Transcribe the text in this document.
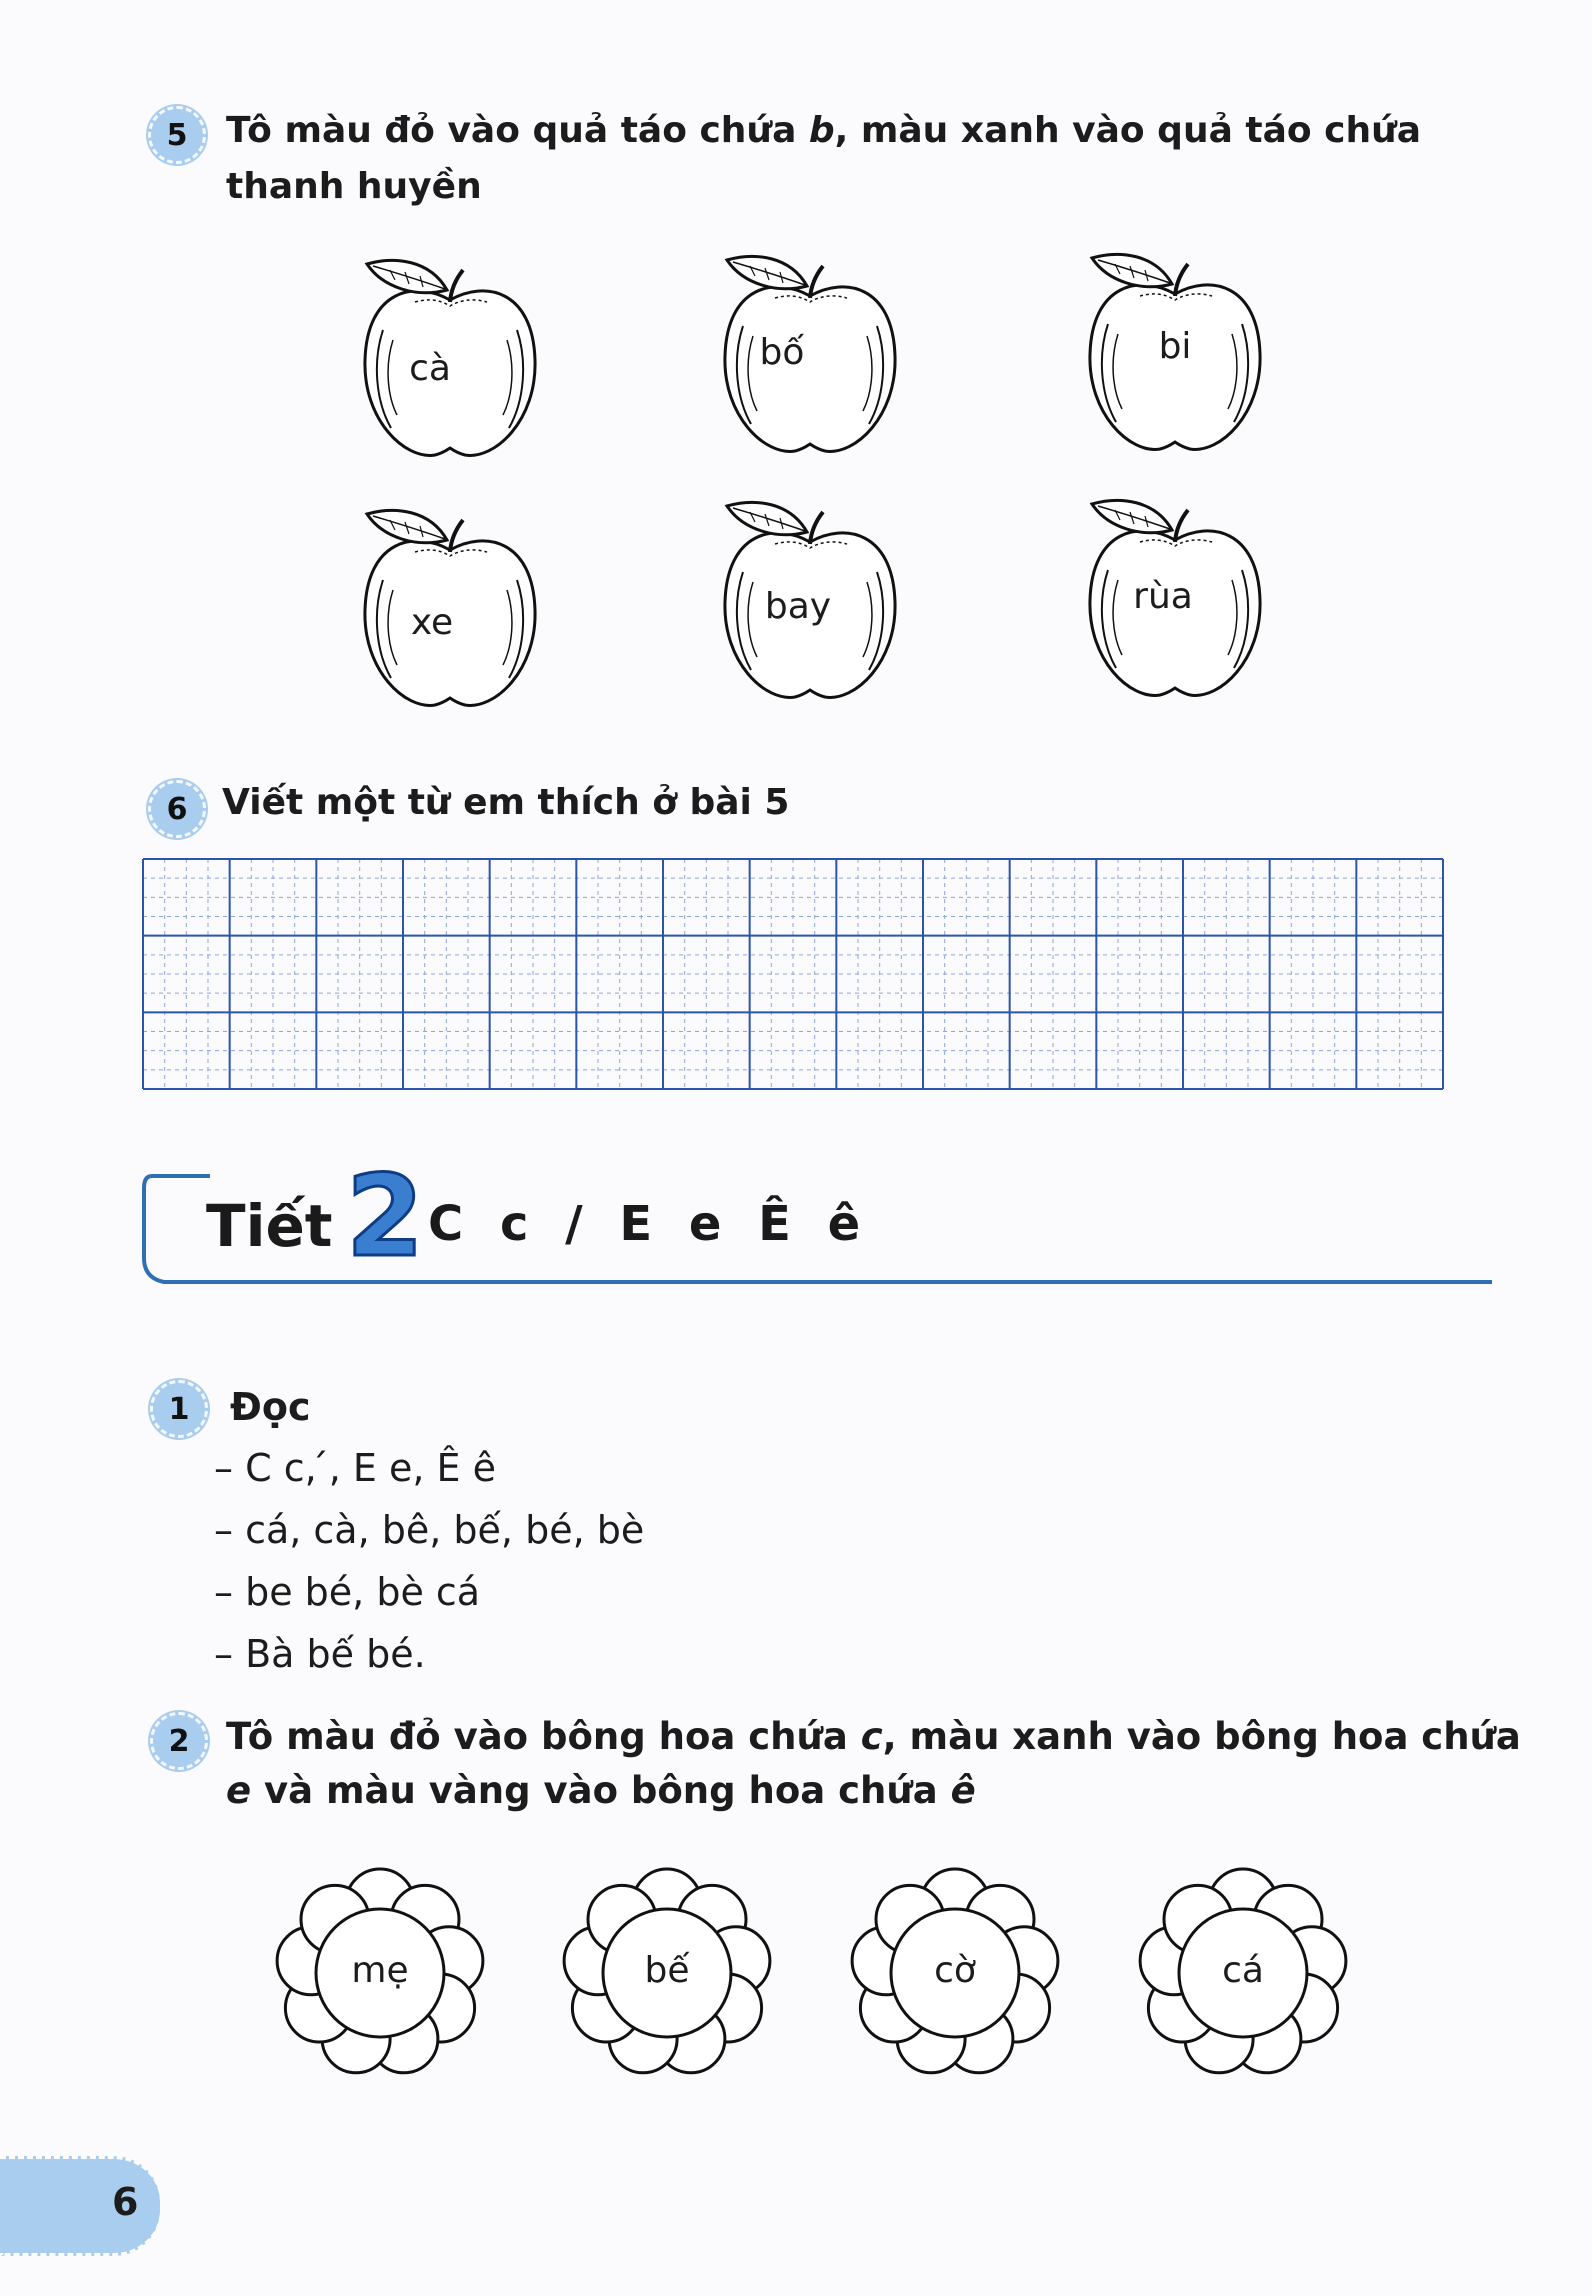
5	Tô màu đỏ vào quả táo chứa b, màu xanh vào quả táo chứa
thanh huyền
cà	bố	bi
xe	bay	rùa
6 Viết một từ em thích ở bài 5
Tiết 2 C c / E e Ê ê
1	Đọc
– C c, ́, E e, Ê ê
– cá, cà, bê, bế, bé, bè
– be bé, bè cá
– Bà bế bé.
2 Tô màu đỏ vào bông hoa chứa c, màu xanh vào bông hoa chứa
e và màu vàng vào bông hoa chứa ê
mẹ	bế	cờ	cá
6
